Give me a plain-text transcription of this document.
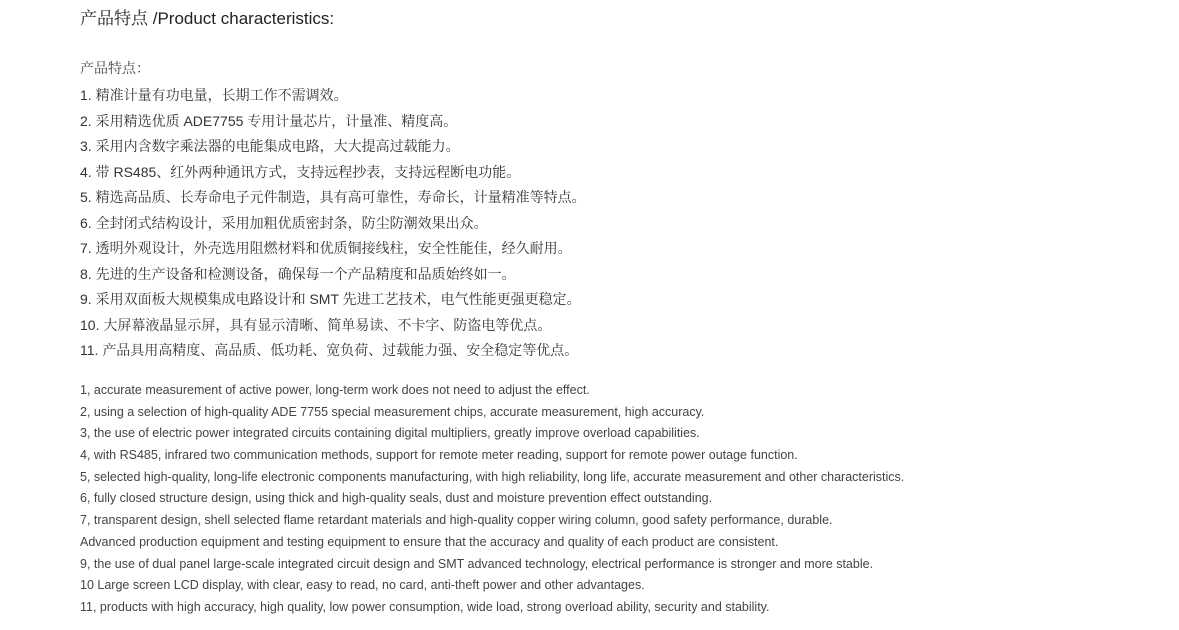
产品特点 /Product characteristics:
产品特点：
1. 精准计量有功电量，长期工作不需调效。
2. 采用精选优质 ADE7755 专用计量芯片，计量准、精度高。
3. 采用内含数字乘法器的电能集成电路，大大提高过载能力。
4. 带 RS485、红外两种通讯方式，支持远程抄表，支持远程断电功能。
5. 精选高品质、长寿命电子元件制造，具有高可靠性，寿命长，计量精准等特点。
6. 全封闭式结构设计，采用加粗优质密封条，防尘防潮效果出众。
7. 透明外观设计，外壳选用阻燃材料和优质铜接线柱，安全性能佳，经久耐用。
8. 先进的生产设备和检测设备，确保每一个产品精度和品质始终如一。
9. 采用双面板大规模集成电路设计和 SMT 先进工艺技术，电气性能更强更稳定。
10. 大屏幕液晶显示屏，具有显示清晰、简单易读、不卡字、防盗电等优点。
11. 产品具用高精度、高品质、低功耗、宽负荷、过载能力强、安全稳定等优点。
1, accurate measurement of active power, long-term work does not need to adjust the effect.
2, using a selection of high-quality ADE 7755 special measurement chips, accurate measurement, high accuracy.
3, the use of electric power integrated circuits containing digital multipliers, greatly improve overload capabilities.
4, with RS485, infrared two communication methods, support for remote meter reading, support for remote power outage function.
5, selected high-quality, long-life electronic components manufacturing, with high reliability, long life, accurate measurement and other characteristics.
6, fully closed structure design, using thick and high-quality seals, dust and moisture prevention effect outstanding.
7, transparent design, shell selected flame retardant materials and high-quality copper wiring column, good safety performance, durable.
Advanced production equipment and testing equipment to ensure that the accuracy and quality of each product are consistent.
9, the use of dual panel large-scale integrated circuit design and SMT advanced technology, electrical performance is stronger and more stable.
10 Large screen LCD display, with clear, easy to read, no card, anti-theft power and other advantages.
11, products with high accuracy, high quality, low power consumption, wide load, strong overload ability, security and stability.
